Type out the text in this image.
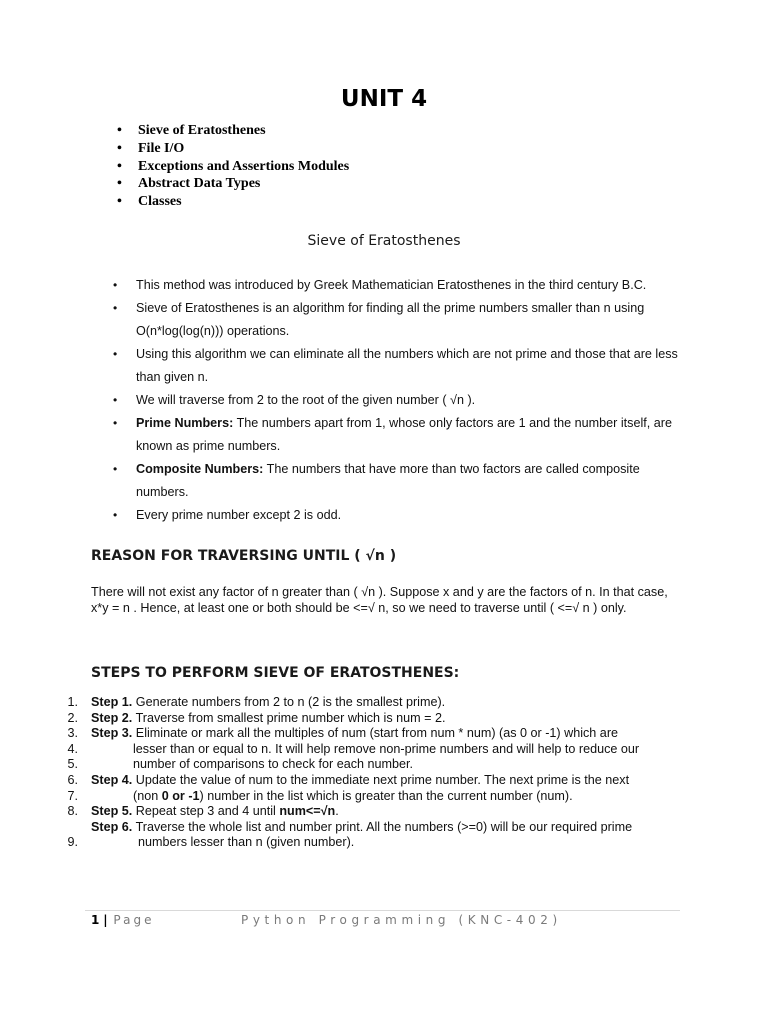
UNIT 4
• Sieve of Eratosthenes
• File I/O
• Exceptions and Assertions Modules
• Abstract Data Types
• Classes
Sieve of Eratosthenes
• This method was introduced by Greek Mathematician Eratosthenes in the third century B.C.
• Sieve of Eratosthenes is an algorithm for finding all the prime numbers smaller than n using O(n*log(log(n))) operations.
• Using this algorithm we can eliminate all the numbers which are not prime and those that are less than given n.
• We will traverse from 2 to the root of the given number ( √n ).
• Prime Numbers: The numbers apart from 1, whose only factors are 1 and the number itself, are known as prime numbers.
• Composite Numbers: The numbers that have more than two factors are called composite numbers.
• Every prime number except 2 is odd.
REASON FOR TRAVERSING UNTIL ( √n )
There will not exist any factor of n greater than ( √n ). Suppose x and y are the factors of n. In that case, x*y = n . Hence, at least one or both should be <=√ n, so we need to traverse until ( <=√ n ) only.
STEPS TO PERFORM SIEVE OF ERATOSTHENES:
1. Step 1. Generate numbers from 2 to n (2 is the smallest prime).
2. Step 2. Traverse from smallest prime number which is num = 2.
3. Step 3. Eliminate or mark all the multiples of num (start from num * num) (as 0 or -1) which are
4.	lesser than or equal to n. It will help remove non-prime numbers and will help to reduce our
5.	number of comparisons to check for each number.
6. Step 4. Update the value of num to the immediate next prime number. The next prime is the next
7.	(non 0 or -1) number in the list which is greater than the current number (num).
8. Step 5. Repeat step 3 and 4 until num<=√n.
Step 6. Traverse the whole list and number print. All the numbers (>=0) will be our required prime
9.	numbers lesser than n (given number).
1 | Page	Python Programming (KNC-402)
